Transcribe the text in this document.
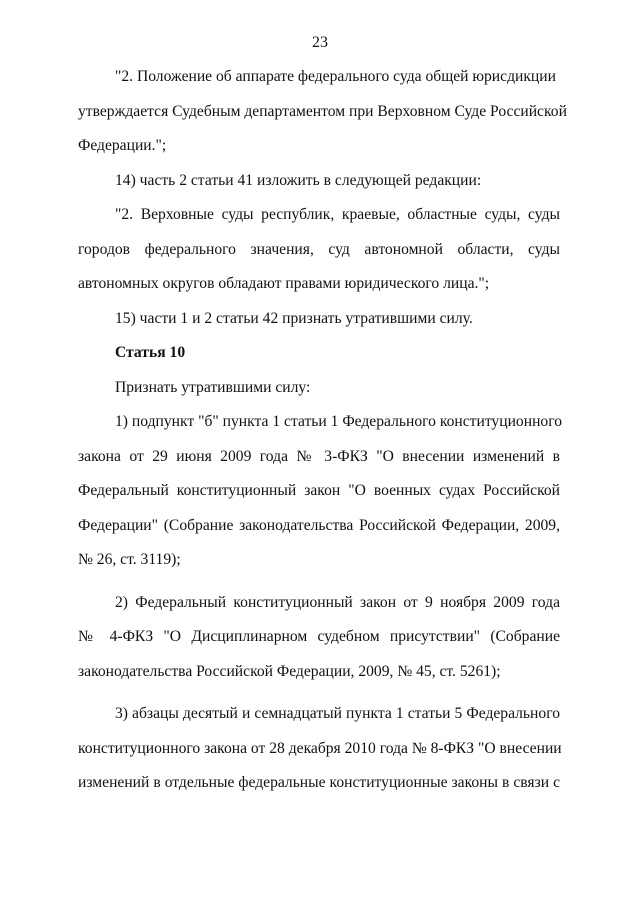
23
"2. Положение об аппарате федерального суда общей юрисдикции
утверждается Судебным департаментом при Верховном Суде Российской
Федерации.";
14) часть 2 статьи 41 изложить в следующей редакции:
"2. Верховные суды республик, краевые, областные суды, суды
городов федерального значения, суд автономной области, суды
автономных округов обладают правами юридического лица.";
15) части 1 и 2 статьи 42 признать утратившими силу.
Статья 10
Признать утратившими силу:
1) подпункт "б" пункта 1 статьи 1 Федерального конституционного
закона от 29 июня 2009 года № 3-ФКЗ "О внесении изменений в
Федеральный конституционный закон "О военных судах Российской
Федерации" (Собрание законодательства Российской Федерации, 2009,
№ 26, ст. 3119);
2) Федеральный конституционный закон от 9 ноября 2009 года
№ 4-ФКЗ "О Дисциплинарном судебном присутствии" (Собрание
законодательства Российской Федерации, 2009, № 45, ст. 5261);
3) абзацы десятый и семнадцатый пункта 1 статьи 5 Федерального
конституционного закона от 28 декабря 2010 года № 8-ФКЗ "О внесении
изменений в отдельные федеральные конституционные законы в связи с
